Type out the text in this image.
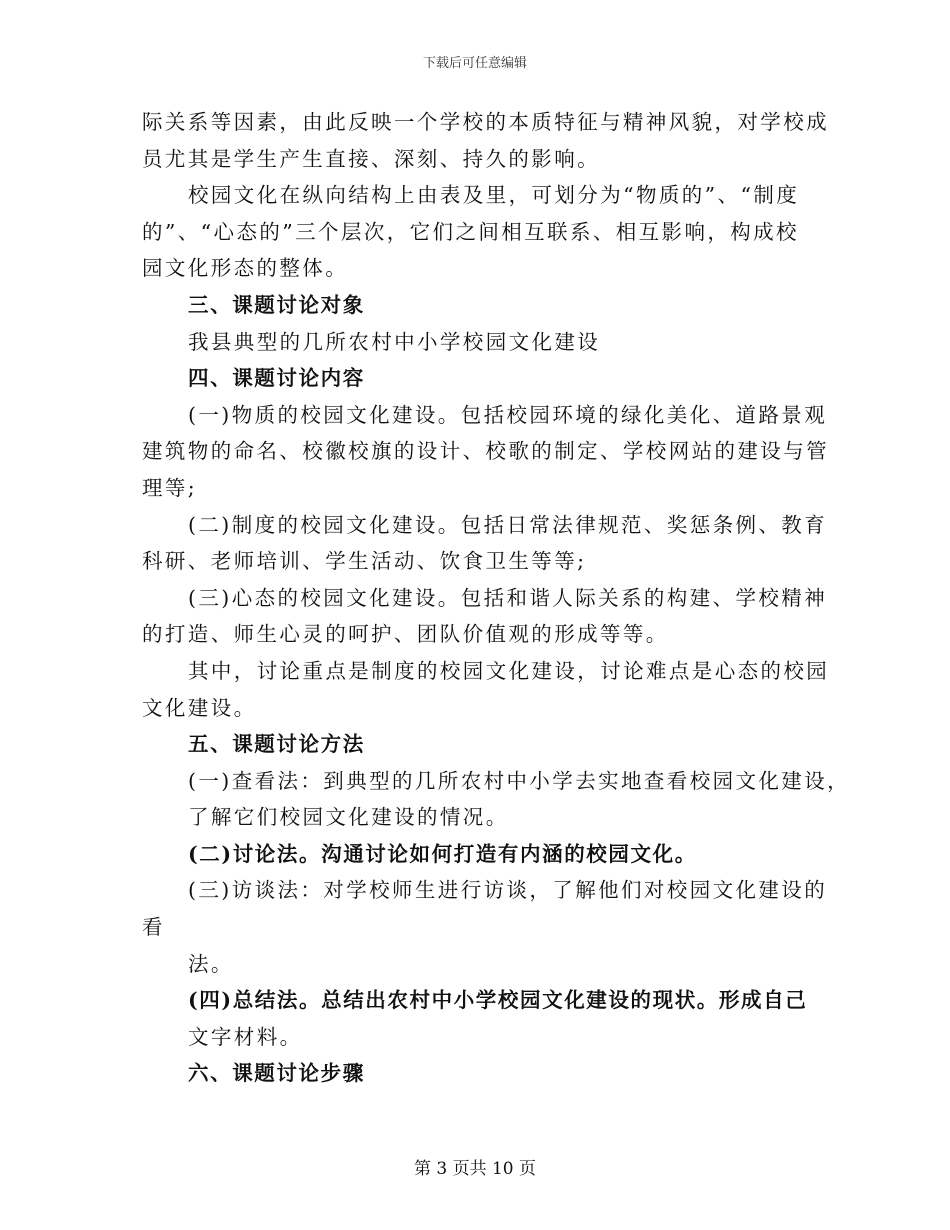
下载后可任意编辑
际关系等因素，由此反映一个学校的本质特征与精神风貌，对学校成
员尤其是学生产生直接、深刻、持久的影响。
校园文化在纵向结构上由表及里，可划分为“物质的”、“制度
的”、“心态的”三个层次，它们之间相互联系、相互影响，构成校
园文化形态的整体。
三、课题讨论对象
我县典型的几所农村中小学校园文化建设
四、课题讨论内容
(一)物质的校园文化建设。包括校园环境的绿化美化、道路景观
建筑物的命名、校徽校旗的设计、校歌的制定、学校网站的建设与管
理等;
(二)制度的校园文化建设。包括日常法律规范、奖惩条例、教育
科研、老师培训、学生活动、饮食卫生等等;
(三)心态的校园文化建设。包括和谐人际关系的构建、学校精神
的打造、师生心灵的呵护、团队价值观的形成等等。
其中，讨论重点是制度的校园文化建设，讨论难点是心态的校园
文化建设。
五、课题讨论方法
(一)查看法：到典型的几所农村中小学去实地查看校园文化建设，
了解它们校园文化建设的情况。
(二)讨论法。沟通讨论如何打造有内涵的校园文化。
(三)访谈法：对学校师生进行访谈，了解他们对校园文化建设的
看
法。
(四)总结法。总结出农村中小学校园文化建设的现状。形成自己
文字材料。
六、课题讨论步骤
第 3 页共 10 页
